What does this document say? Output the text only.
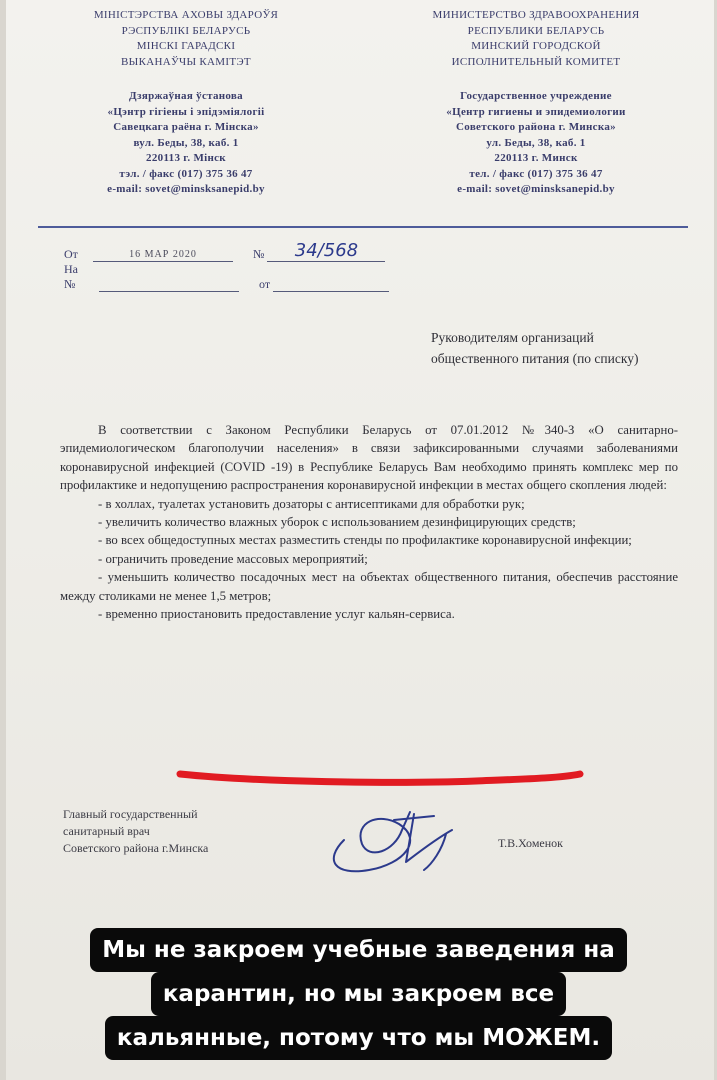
МІНІСТЭРСТВА АХОВЫ ЗДАРОЎЯ
РЭСПУБЛІКІ БЕЛАРУСЬ
МІНСКІ ГАРАДСКІ
ВЫКАНАЎЧЫ КАМІТЭТ
Дзяржаўная ўстанова
«Цэнтр гігіены і эпідэміялогіі
Савецкага раёна г. Мінска»
вул. Беды, 38, каб. 1
220113 г. Мінск
тэл. / факс (017) 375 36 47
e-mail: sovet@minsksanepid.by
МИНИСТЕРСТВО ЗДРАВООХРАНЕНИЯ
РЕСПУБЛИКИ БЕЛАРУСЬ
МИНСКИЙ ГОРОДСКОЙ
ИСПОЛНИТЕЛЬНЫЙ КОМИТЕТ
Государственное учреждение
«Центр гигиены и эпидемиологии
Советского района г. Минска»
ул. Беды, 38, каб. 1
220113 г. Минск
тел. / факс (017) 375 36 47
e-mail: sovet@minsksanepid.by
От	16 МАР 2020	№ 34/568
На №	от
Руководителям организаций общественного питания (по списку)

В соответствии с Законом Республики Беларусь от 07.01.2012 №340-З «О санитарно-эпидемиологическом благополучии населения» в связи зафиксированными случаями заболеваниями коронавирусной инфекцией (COVID -19) в Республике Беларусь Вам необходимо принять комплекс мер по профилактике и недопущению распространения коронавирусной инфекции в местах общего скопления людей:

- в холлах, туалетах установить дозаторы с антисептиками для обработки рук;

- увеличить количество влажных уборок с использованием дезинфицирующих средств;

- во всех общедоступных местах разместить стенды по профилактике коронавирусной инфекции;

- ограничить проведение массовых мероприятий;

- уменьшить количество посадочных мест на объектах общественного питания, обеспечив расстояние между столиками не менее 1,5 метров;

- временно приостановить предоставление услуг кальян-сервиса.

Главный государственный
санитарный врач
Советского района г.Минска	Т.В.Хоменок
Мы не закроем учебные заведения на
карантин, но мы закроем все
кальянные, потому что мы МОЖЕМ.
